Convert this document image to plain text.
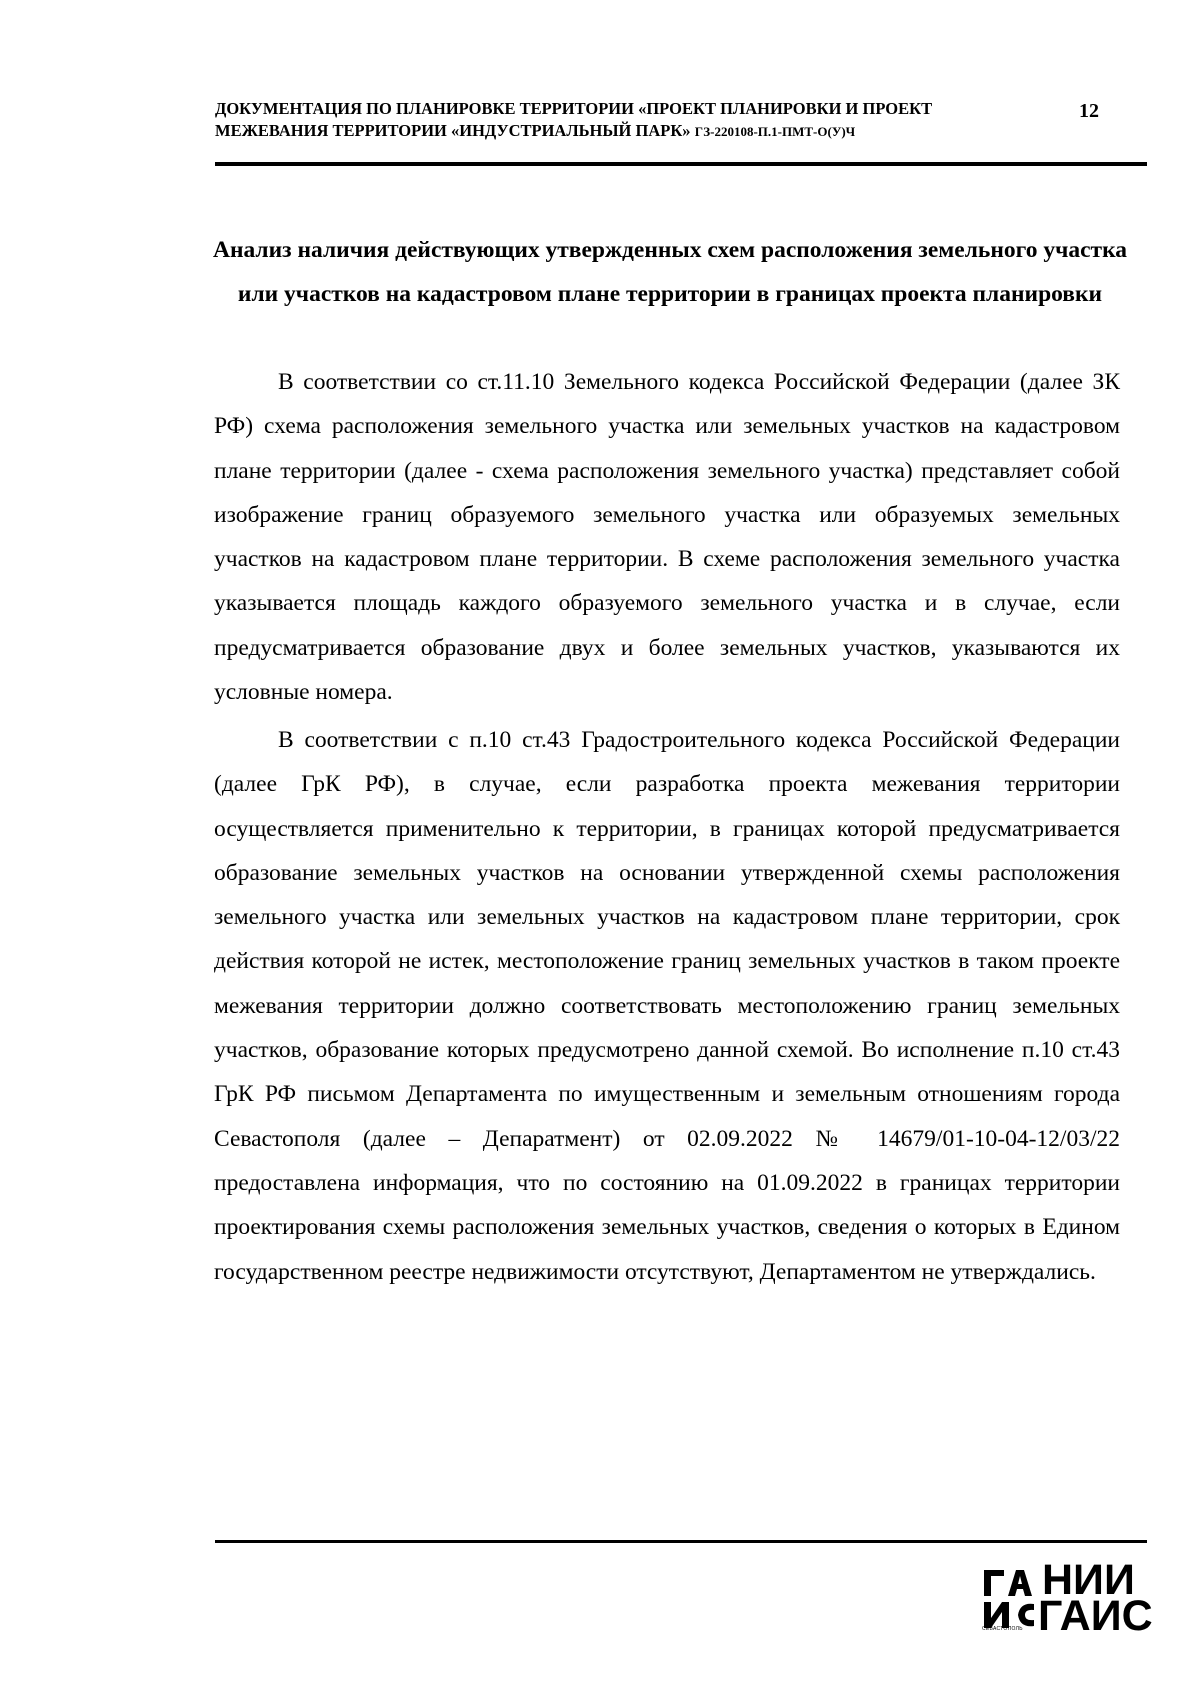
ДОКУМЕНТАЦИЯ ПО ПЛАНИРОВКЕ ТЕРРИТОРИИ «ПРОЕКТ ПЛАНИРОВКИ И ПРОЕКТ
МЕЖЕВАНИЯ ТЕРРИТОРИИ «ИНДУСТРИАЛЬНЫЙ ПАРК» ГЗ-220108-П.1-ПМТ-О(У)Ч
12
Анализ наличия действующих утвержденных схем расположения земельного участка или участков на кадастровом плане территории в границах проекта планировки
В соответствии со ст.11.10 Земельного кодекса Российской Федерации (далее ЗК РФ) схема расположения земельного участка или земельных участков на кадастровом плане территории (далее - схема расположения земельного участка) представляет собой изображение границ образуемого земельного участка или образуемых земельных участков на кадастровом плане территории. В схеме расположения земельного участка указывается площадь каждого образуемого земельного участка и в случае, если предусматривается образование двух и более земельных участков, указываются их условные номера.
В соответствии с п.10 ст.43 Градостроительного кодекса Российской Федерации (далее ГрК РФ), в случае, если разработка проекта межевания территории осуществляется применительно к территории, в границах которой предусматривается образование земельных участков на основании утвержденной схемы расположения земельного участка или земельных участков на кадастровом плане территории, срок действия которой не истек, местоположение границ земельных участков в таком проекте межевания территории должно соответствовать местоположению границ земельных участков, образование которых предусмотрено данной схемой. Во исполнение п.10 ст.43 ГрК РФ письмом Департамента по имущественным и земельным отношениям города Севастополя (далее – Депаратмент) от 02.09.2022 № 14679/01-10-04-12/03/22 предоставлена информация, что по состоянию на 01.09.2022 в границах территории проектирования схемы расположения земельных участков, сведения о которых в Едином государственном реестре недвижимости отсутствуют, Департаментом не утверждались.
НИИ
ГАИС
СЕВАСТОПОЛЬ
